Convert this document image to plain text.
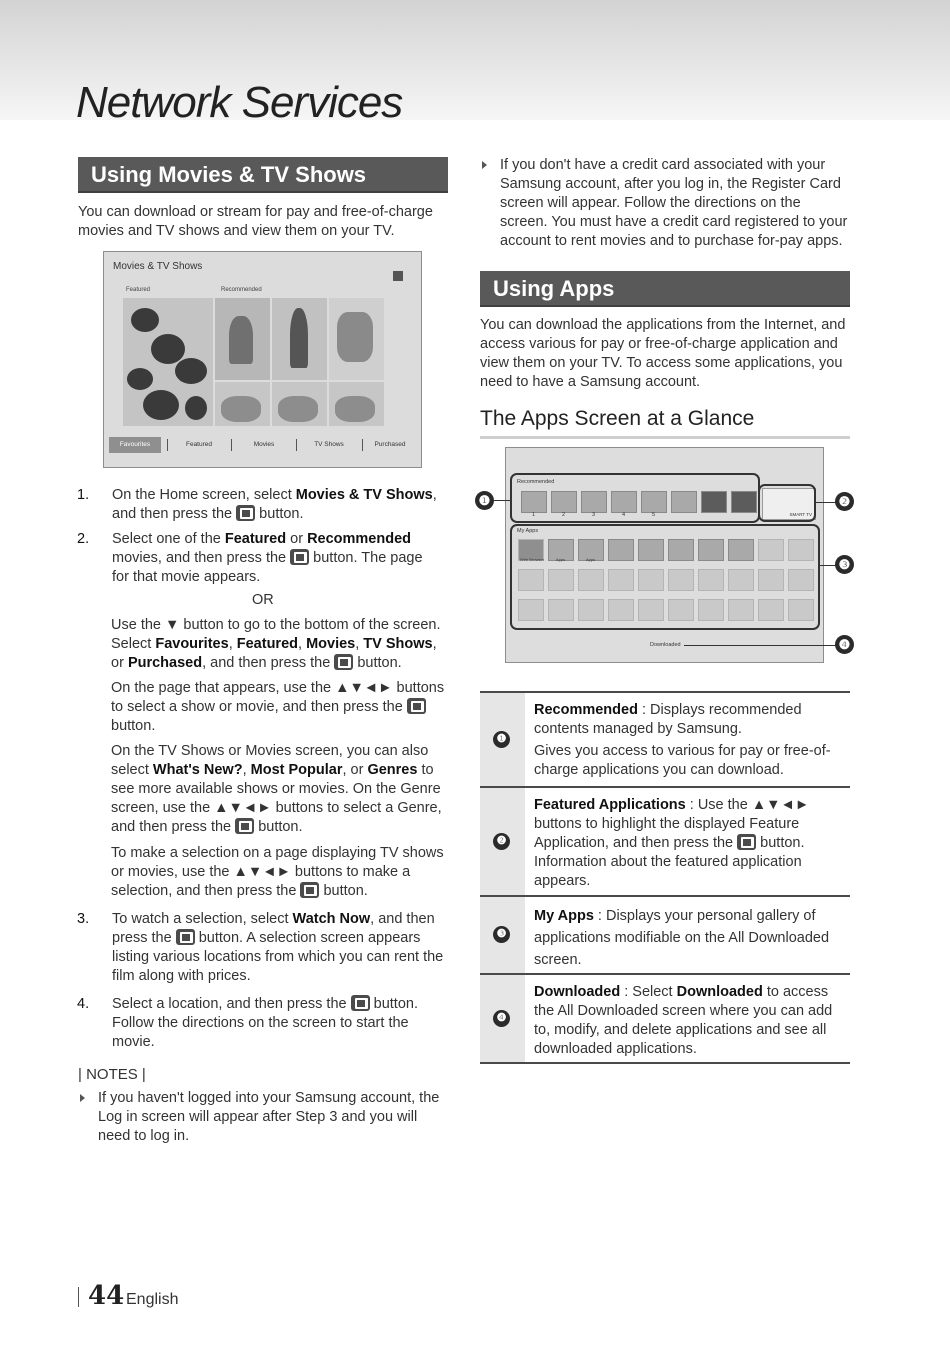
Network Services
Using Movies & TV Shows

You can download or stream for pay and free-of-charge movies and TV shows and view them on your TV.

Movies & TV Shows
Featured	Recommended
Favourites	Featured	Movies	TV Shows	Purchased
1. On the Home screen, select Movies & TV Shows,
and then press the  button.
2. Select one of the Featured or Recommended
movies, and then press the  button. The page
for that movie appears.
OR
Use the ▼ button to go to the bottom of the screen.
Select Favourites, Featured, Movies, TV Shows,
or Purchased, and then press the button.
On the page that appears, use the ▲▼◄► buttons
to select a show or movie, and then press the
button.
On the TV Shows or Movies screen, you can also
select What's New?, Most Popular, or Genres to
see more available shows or movies. On the Genre
screen, use the ▲▼◄► buttons to select a Genre,
and then press the button.
To make a selection on a page displaying TV shows
or movies, use the ▲▼◄► buttons to make a
selection, and then press the button.
3. To watch a selection, select Watch Now, and then
press the button. A selection screen appears
listing various locations from which you can rent the
film along with prices.
4. Select a location, and then press the button.
Follow the directions on the screen to start the
movie.
| NOTES |

If you haven't logged into your Samsung account, the Log in screen will appear after Step 3 and you will need to log in.

If you don't have a credit card associated with your Samsung account, after you log in, the Register Card screen will appear. Follow the directions on the screen. You must have a credit card registered to your account to rent movies and to purchase for-pay apps.

Using Apps

You can download the applications from the Internet, and access various for pay or free-of-charge application and view them on your TV. To access some applications, you need to have a Samsung account.

The Apps Screen at a Glance
Recommended
1	2	3	4	5	SMART TV
My Apps
Web Browser	Apps	Apps
Downloaded
❶	❷
❸
❹
❶

Recommended : Displays recommended contents managed by Samsung.

Gives you access to various for pay or free-of-charge applications you can download.

❷

Featured Applications : Use the ▲▼◄► buttons to highlight the displayed Feature Application, and then press the  button. Information about the featured application appears.

❸

My Apps : Displays your personal gallery of applications modifiable on the All Downloaded screen.

❹

Downloaded : Select Downloaded to access the All Downloaded screen where you can add to, modify, and delete applications and see all downloaded applications.

44 English
